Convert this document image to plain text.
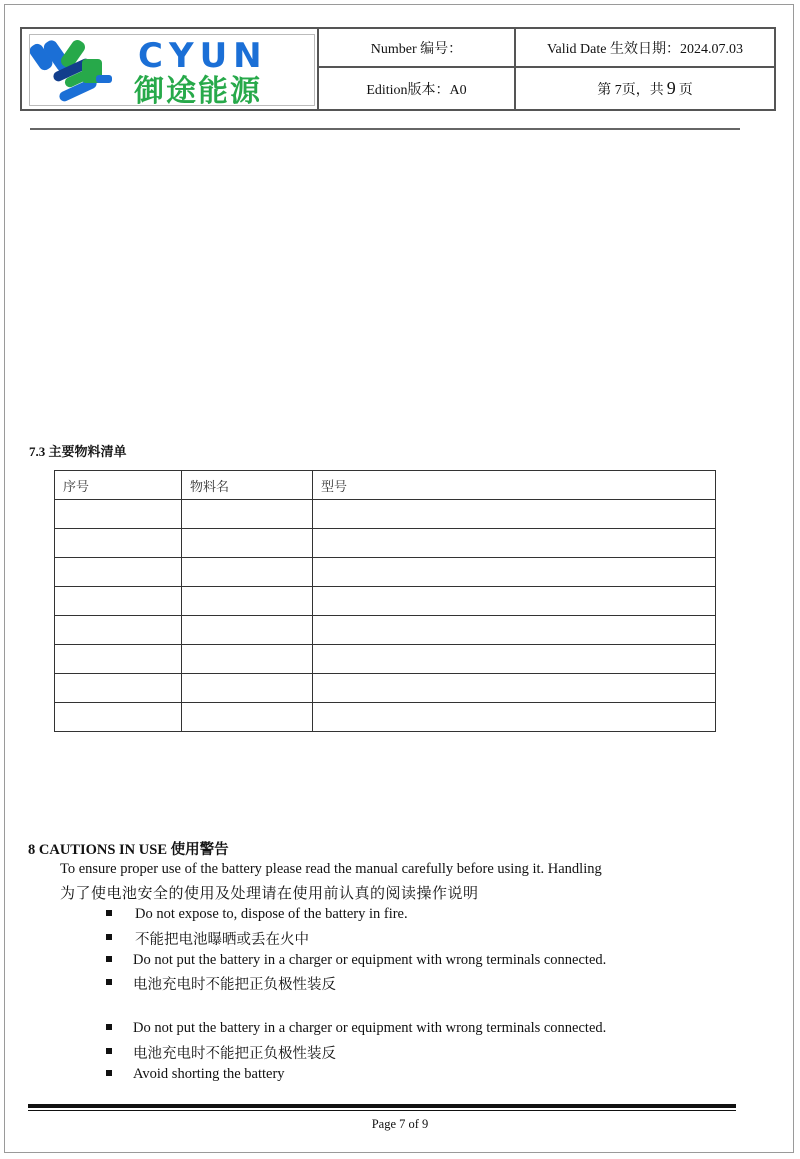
CYUN
御途能源
Number 编号：	Valid Date 生效日期：2024.07.03
Edition版本：A0	第 7页，共 9 页
7.3 主要物料清单
序号	物料名	型号

8 CAUTIONS IN USE 使用警告
To ensure proper use of the battery please read the manual carefully before using it. Handling
为了使电池安全的使用及处理请在使用前认真的阅读操作说明
Do not expose to, dispose of the battery in fire.
不能把电池曝晒或丢在火中
Do not put the battery in a charger or equipment with wrong terminals connected.
电池充电时不能把正负极性装反
Do not put the battery in a charger or equipment with wrong terminals connected.
电池充电时不能把正负极性装反
Avoid shorting the battery
Page 7 of 9
